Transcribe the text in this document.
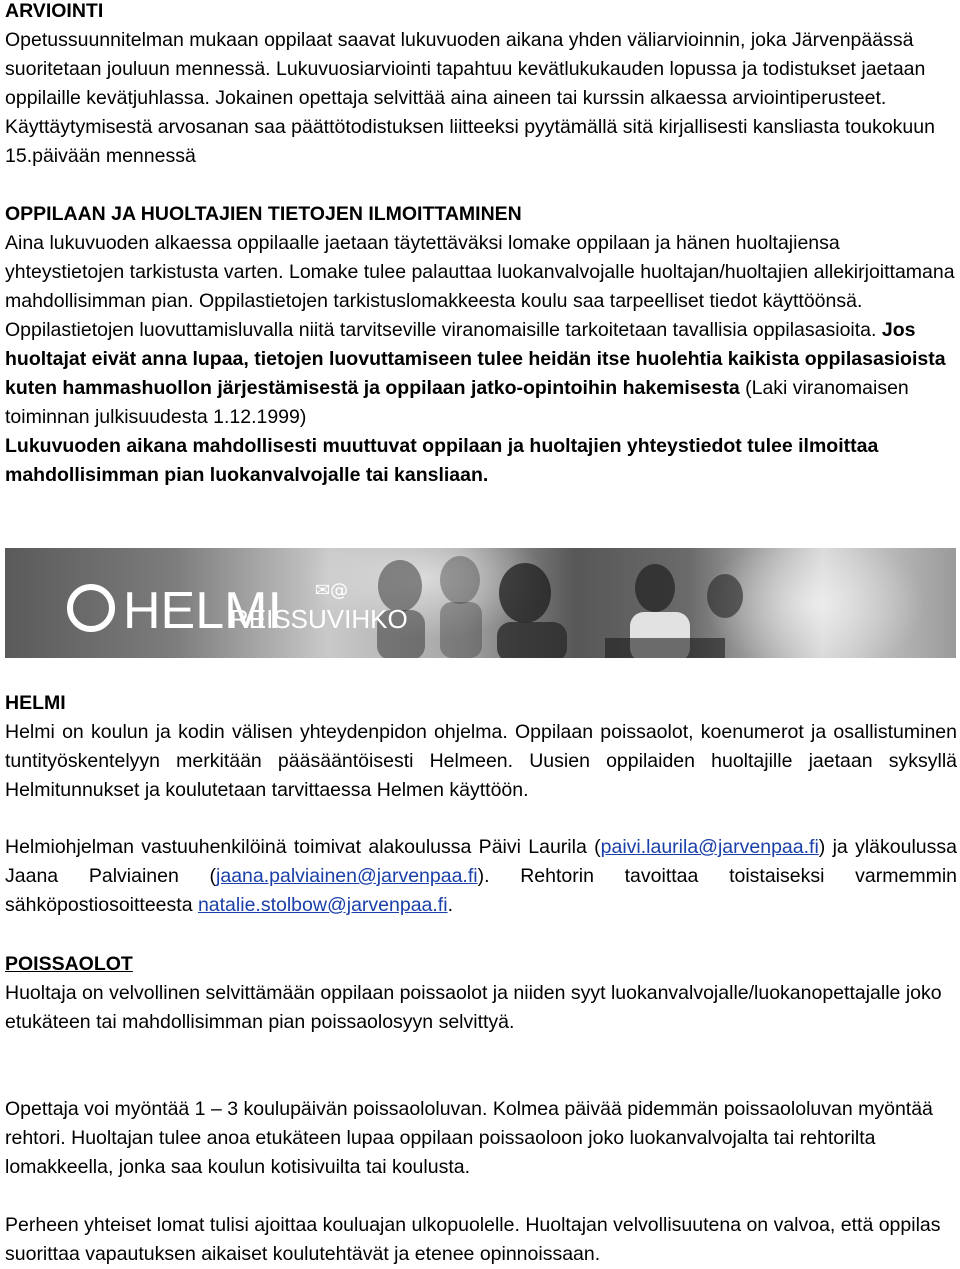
ARVIOINTI

Opetussuunnitelman mukaan oppilaat saavat lukuvuoden aikana yhden väliarvioinnin, joka Järvenpäässä suoritetaan jouluun mennessä. Lukuvuosiarviointi tapahtuu kevätlukukauden lopussa ja todistukset jaetaan oppilaille kevätjuhlassa. Jokainen opettaja selvittää aina aineen tai kurssin alkaessa arviointiperusteet. Käyttäytymisestä arvosanan saa päättötodistuksen liitteeksi pyytämällä sitä kirjallisesti kansliasta toukokuun 15.päivään mennessä

OPPILAAN JA HUOLTAJIEN TIETOJEN ILMOITTAMINEN

Aina lukuvuoden alkaessa oppilaalle jaetaan täytettäväksi lomake oppilaan ja hänen huoltajiensa yhteystietojen tarkistusta varten. Lomake tulee palauttaa luokanvalvojalle huoltajan/huoltajien allekirjoittamana mahdollisimman pian. Oppilastietojen tarkistuslomakkeesta koulu saa tarpeelliset tiedot käyttöönsä. Oppilastietojen luovuttamisluvalla niitä tarvitseville viranomaisille tarkoitetaan tavallisia oppilasasioita. Jos huoltajat eivät anna lupaa, tietojen luovuttamiseen tulee heidän itse huolehtia kaikista oppilasasioista kuten hammashuollon järjestämisestä ja oppilaan jatko-opintoihin hakemisesta (Laki viranomaisen toiminnan julkisuudesta 1.12.1999)
Lukuvuoden aikana mahdollisesti muuttuvat oppilaan ja huoltajien yhteystiedot tulee ilmoittaa mahdollisimman pian luokanvalvojalle tai kansliaan.

HELMI
REISSUVIHKO
✉@

HELMI

Helmi on koulun ja kodin välisen yhteydenpidon ohjelma. Oppilaan poissaolot, koenumerot ja osallistuminen tuntityöskentelyyn merkitään pääsääntöisesti Helmeen. Uusien oppilaiden huoltajille jaetaan syksyllä Helmitunnukset ja koulutetaan tarvittaessa Helmen käyttöön.

Helmiohjelman vastuuhenkilöinä toimivat alakoulussa Päivi Laurila (paivi.laurila@jarvenpaa.fi) ja yläkoulussa Jaana Palviainen (jaana.palviainen@jarvenpaa.fi). Rehtorin tavoittaa toistaiseksi varmemmin sähköpostiosoitteesta natalie.stolbow@jarvenpaa.fi.

POISSAOLOT

Huoltaja on velvollinen selvittämään oppilaan poissaolot ja niiden syyt luokanvalvojalle/luokanopettajalle joko etukäteen tai mahdollisimman pian poissaolosyyn selvittyä.

Opettaja voi myöntää 1 – 3 koulupäivän poissaololuvan. Kolmea päivää pidemmän poissaololuvan myöntää rehtori. Huoltajan tulee anoa etukäteen lupaa oppilaan poissaoloon joko luokanvalvojalta tai rehtorilta lomakkeella, jonka saa koulun kotisivuilta tai koulusta.

Perheen yhteiset lomat tulisi ajoittaa kouluajan ulkopuolelle. Huoltajan velvollisuutena on valvoa, että oppilas suorittaa vapautuksen aikaiset koulutehtävät ja etenee opinnoissaan.
